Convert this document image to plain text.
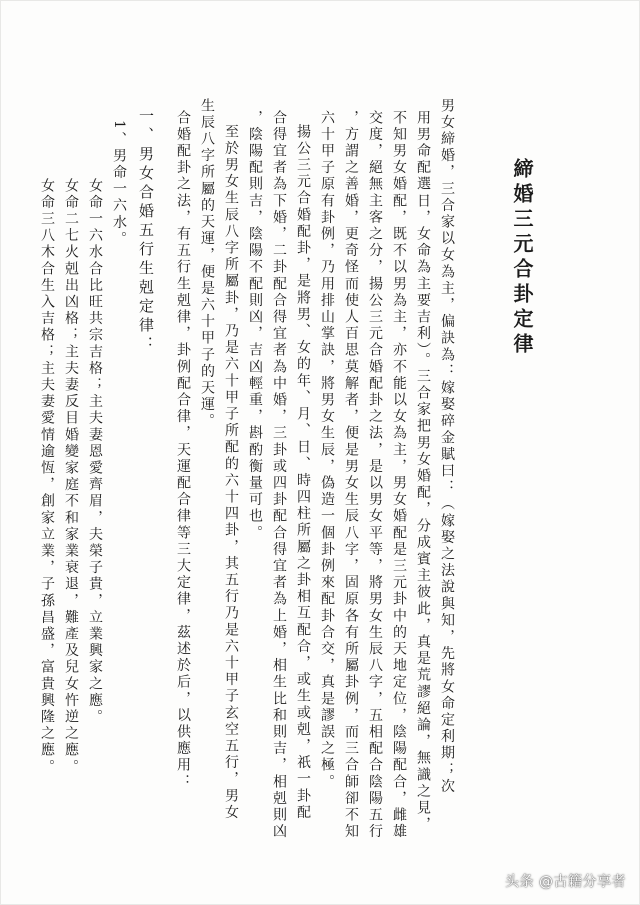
締婚三元合卦定律
男女締婚，三合家以女為主，偏訣為：嫁娶碎金賦曰：（嫁娶之法說與知，先將女命定利期；次
用男命配選日，女命為主要吉利）。三合家把男女婚配，分成賓主彼此，真是荒謬絕論，無識之見，
不知男女婚配，既不以男為主，亦不能以女為主，男女婚配是三元卦中的天地定位，陰陽配合，雌雄
交度，絕無主客之分，揚公三元合婚配卦之法，是以男女平等，將男女生辰八字，五相配合陰陽五行
，方謂之善婚，更奇怪而使人百思莫解者，便是男女生辰八字，固原各有所屬卦例，而三合師卻不知
六十甲子原有卦例，乃用排山掌訣，將男女生辰，偽造一個卦例來配卦合交，真是謬誤之極。
揚公三元合婚配卦，是將男、女的年、月、日、時四柱所屬之卦相互配合，或生或剋，祇一卦配
合得宜者為下婚，二卦配合得宜者為中婚，三卦或四卦配合得宜者為上婚，相生比和則吉，相剋則凶
，陰陽配則吉，陰陽不配則凶，吉凶輕重，斟酌衡量可也。
至於男女生辰八字所屬卦，乃是六十甲子所配的六十四卦，其五行乃是六十甲子玄空五行，男女
生辰八字所屬的天運，便是六十甲子的天運。
合婚配卦之法，有五行生剋律，卦例配合律，天運配合律等三大定律，茲述於后，以供應用：
一、男女合婚五行生剋定律：
1、男命一六水。
女命一六水合比旺共宗吉格；主夫妻恩愛齊眉，夫榮子貴，立業興家之應。
女命二七火剋出凶格；主夫妻反目婚變家庭不和家業衰退，難產及兒女忤逆之應。
女命三八木合生入吉格；主夫妻愛情逾恆，創家立業，子孫昌盛，富貴興隆之應。
头条 @古籍分享者
